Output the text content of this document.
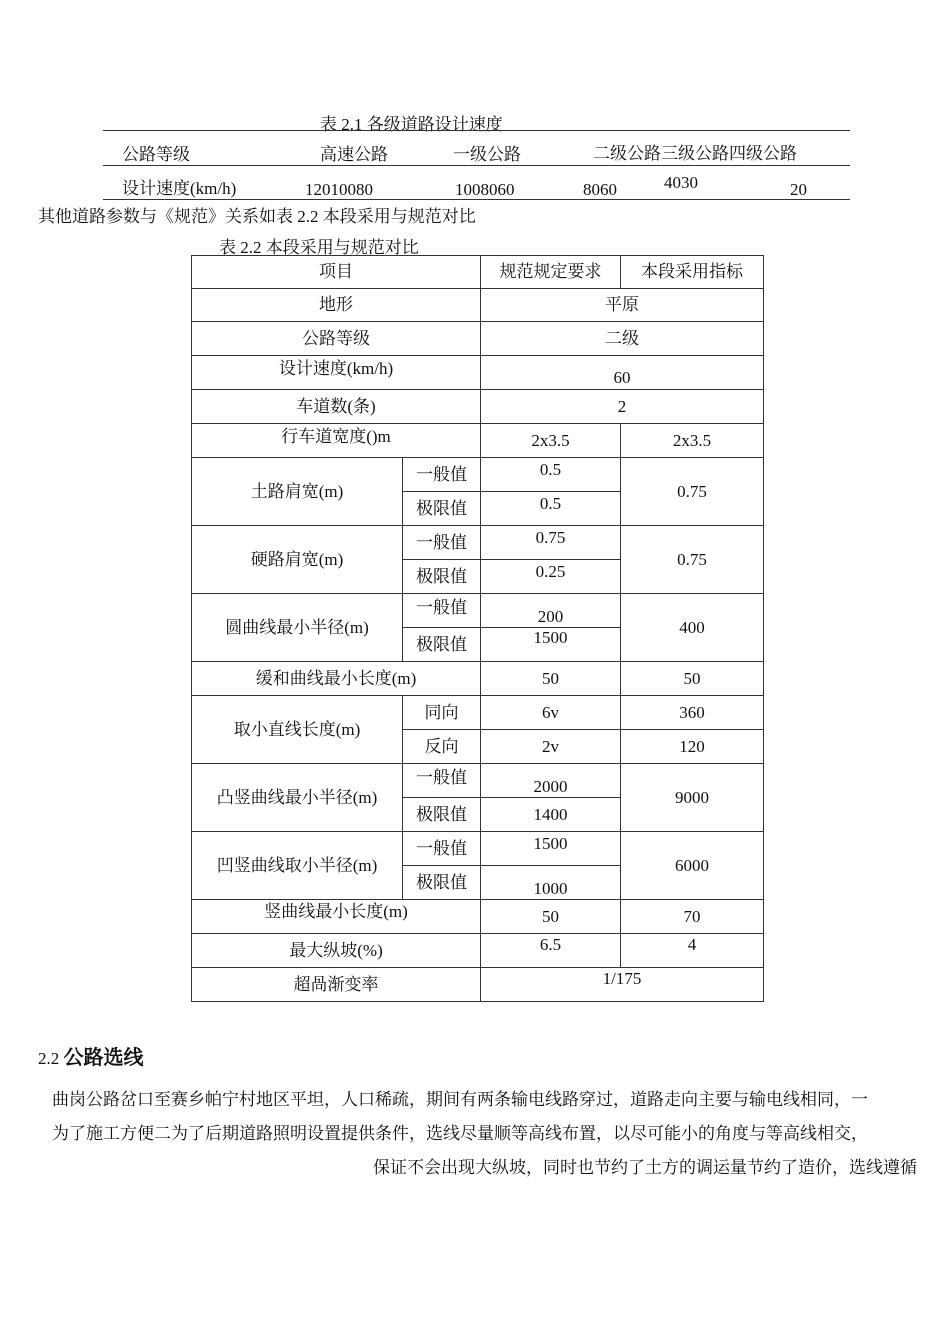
表 2.1 各级道路设计速度
公路等级	高速公路	一级公路	二级公路三级公路四级公路
设计速度(km/h)	12010080	1008060	8060	4030	20
其他道路参数与《规范》关系如表 2.2 本段采用与规范对比
表 2.2 本段采用与规范对比
项目		规范规定要求	本段采用指标
地形		平原	
公路等级		二级	
设计速度(km/h)		60	
车道数(条)		2	
行车道宽度()m		2x3.5	2x3.5
土路肩宽(m)	一般值	0.5	0.75
	极限值	0.5	
硬路肩宽(m)	一般值	0.75	0.75
	极限值	0.25	
圆曲线最小半径(m)	一般值	200	400
	极限值	1500	
缓和曲线最小长度(m)		50	50
取小直线长度(m)	同向	6v	360
	反向	2v	120
凸竖曲线最小半径(m)	一般值	2000	9000
	极限值	1400	
凹竖曲线取小半径(m)	一般值	1500	6000
	极限值	1000	
竖曲线最小长度(m)		50	70
最大纵坡(%)		6.5	4
超咼渐变率		1/175	
2.2 公路选线
曲岗公路岔口至赛乡帕宁村地区平坦，人口稀疏，期间有两条输电线路穿过，道路走向主要与输电线相同，一
为了施工方便二为了后期道路照明设置提供条件，选线尽量顺等高线布置，以尽可能小的角度与等高线相交，
保证不会出现大纵坡，同时也节约了土方的调运量节约了造价，选线遵循
